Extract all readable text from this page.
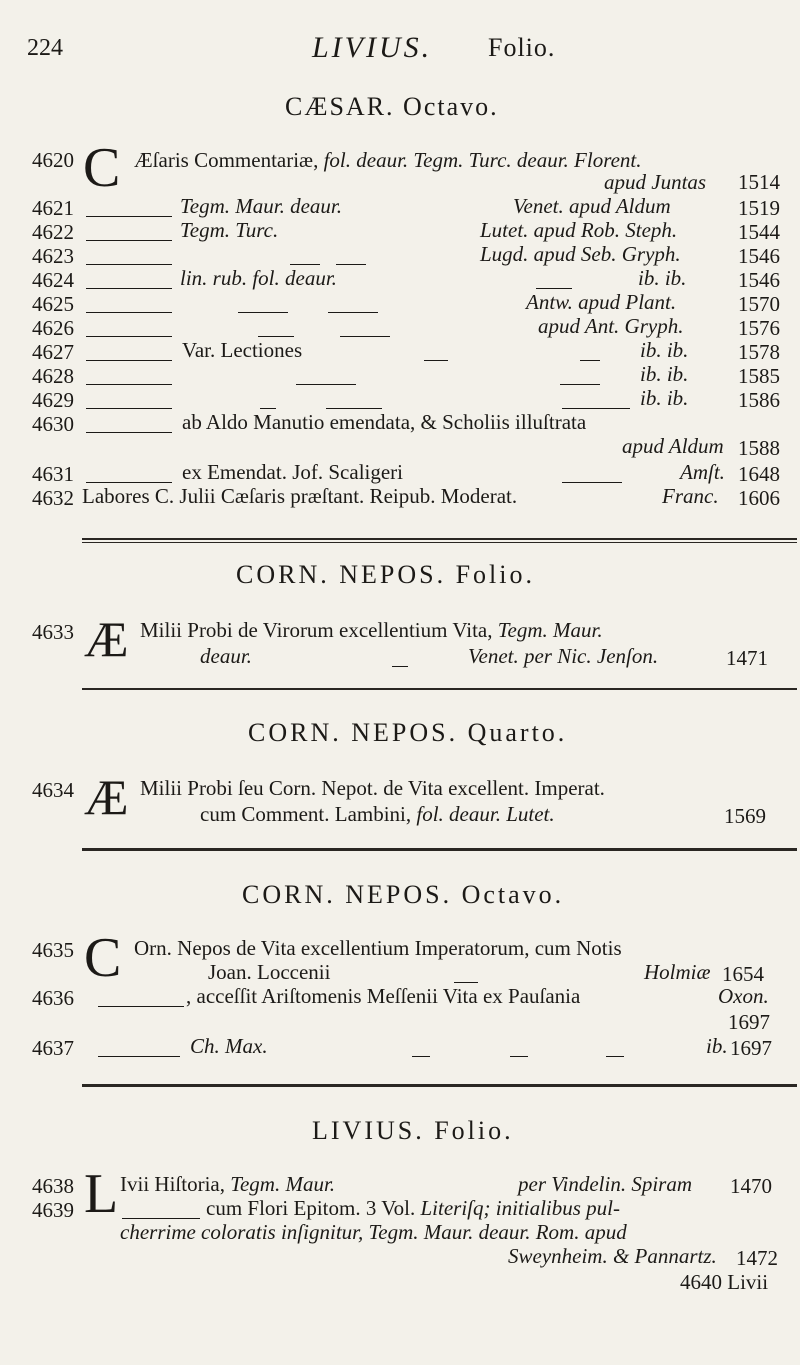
224	LIVIUS. Folio.
CÆSAR. Octavo.
4620 C Æſaris Commentariæ, fol. deaur. Tegm. Turc. deaur. Florent.
apud Juntas 1514
4621	Tegm. Maur. deaur.	Venet. apud Aldum	1519
4622	Tegm. Turc.	Lutet. apud Rob. Steph.	1544
4623	Lugd. apud Seb. Gryph.	1546
4624	lin. rub. fol. deaur.	ib. ib. 1546
4625	Antw. apud Plant.	1570
4626	apud Ant. Gryph.	1576
4627	Var. Lectiones	ib. ib. 1578
4628	ib. ib. 1585
4629	ib. ib. 1586
4630	ab Aldo Manutio emendata, & Scholiis illuſtrata
apud Aldum 1588
4631	ex Emendat. Jof. Scaligeri	Amſt. 1648
4632 Labores C. Julii Cæſaris præſtant. Reipub. Moderat.	Franc. 1606
CORN. NEPOS. Folio.
4633 Æ Milii Probi de Virorum excellentium Vita, Tegm. Maur.
deaur.	Venet. per Nic. Jenſon.	1471
CORN. NEPOS. Quarto.
4634 Æ Milii Probi ſeu Corn. Nepot. de Vita excellent. Imperat.
cum Comment. Lambini, fol. deaur. Lutet.	1569
CORN. NEPOS. Octavo.
4635 C Orn. Nepos de Vita excellentium Imperatorum, cum Notis
Joan. Loccenii	Holmiæ 1654
4636	, acceſſit Ariſtomenis Meſſenii Vita ex Pauſania	Oxon.
1697
4637	Ch. Max.	ib. 1697
LIVIUS. Folio.
4638 L Ivii Hiſtoria, Tegm. Maur.	per Vindelin. Spiram 1470
4639	cum Flori Epitom. 3 Vol. Literiſq; initialibus pul-
cherrime coloratis inſignitur, Tegm. Maur. deaur. Rom. apud
Sweynheim. & Pannartz. 1472
4640 Livii
